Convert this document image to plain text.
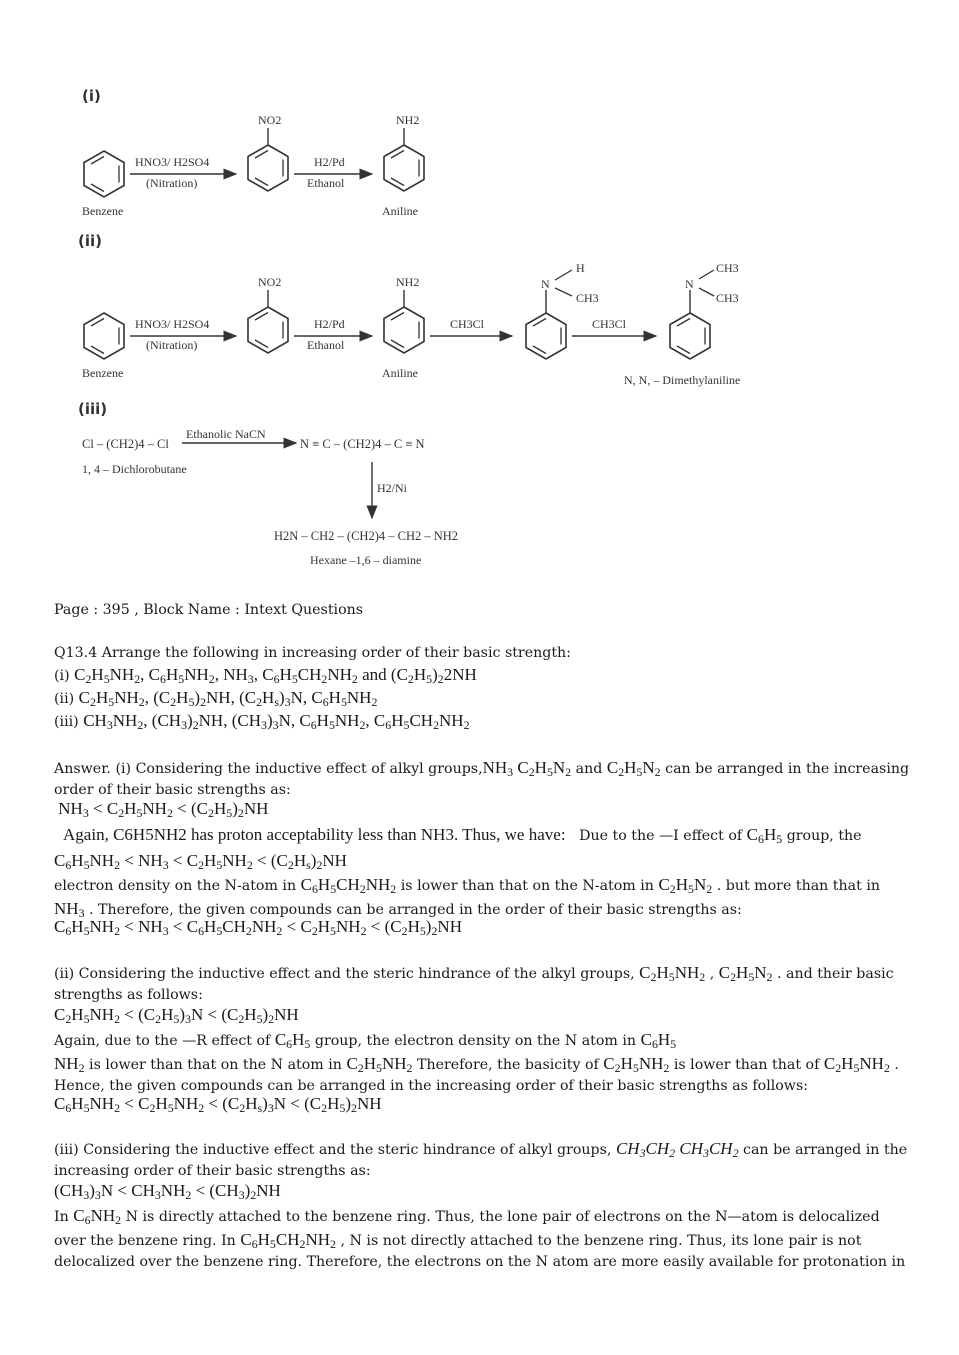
(i)
Benzene
HNO3/ H2SO4
(Nitration)
NO2
H2/Pd
Ethanol
NH2
Aniline
(ii)
Benzene
HNO3/ H2SO4
(Nitration)
NO2
H2/Pd
Ethanol
NH2
Aniline
CH3Cl
N
H
CH3
CH3Cl
N
CH3
CH3
N, N, – Dimethylaniline
(iii)
Cl – (CH2)4 – Cl
1, 4 – Dichlorobutane
Ethanolic NaCN
N ≡ C – (CH2)4 – C ≡ N
H2/Ni
H2N – CH2 – (CH2)4 – CH2 – NH2
Hexane –1,6 – diamine

Page : 395 , Block Name : Intext Questions

Q13.4 Arrange the following in increasing order of their basic strength:

(i) $C_2H_5NH_2$, $C_6H_5NH_2$, $NH_3$, $C_6H_5CH_2NH_2$ and $(C_2H_5)_22NH$

(ii) $C_2H_5NH_2$, $(C_2H_5)_2NH$, $(C_2H_s)_3N$, $C_6H_5NH_2$

(iii) $CH_3NH_2$, $(CH_3)_2NH$, $(CH_3)_3N$, $C_6H_5NH_2$, $C_6H_5CH_2NH_2$

Answer. (i) Considering the inductive effect of alkyl $groups,NH_3$ $C_2H_5N_2$ and $C_2H_5N_2$ can be arranged in the increasing order of their basic strengths as:

$NH_3 < C_2H_5NH_2 < (C_2H_5)_2NH$

Again, C6H5NH2 has proton acceptability less than NH3. Thus, we have: Due to the —I effect of $C_6H_5$ group, the

$C_6H_5NH_2 < NH_3 < C_2H_5NH_2 < (C_2H_s)_2NH$

electron density on the N-atom in $C_6H_5CH_2NH_2$ is lower than that on the N-atom in $C_2H_5N_2$ . but more than that in $NH_3$ . Therefore, the given compounds can be arranged in the order of their basic strengths as:

$C_6H_5NH_2 < NH_3 < C_6H_5CH_2NH_2 < C_2H_5NH_2 < (C_2H_5)_2NH$

(ii) Considering the inductive effect and the steric hindrance of the alkyl groups, $C_2H_5NH_2$ , $C_2H_5N_2$ . and their basic strengths as follows:

$C_2H_5NH_2 < (C_2H_5)_3N < (C_2H_5)_2NH$

Again, due to the —R effect of $C_6H_5$ group, the electron density on the N atom in $C_6H_5$
$NH_2$ is lower than that on the N atom in $C_2H_5NH_2$ Therefore, the basicity of $C_2H_5NH_2$ is lower than that of $C_2H_5NH_2$ .
Hence, the given compounds can be arranged in the increasing order of their basic strengths as follows:

$C_6H_5NH_2 < C_2H_5NH_2 < (C_2H_s)_3N < (C_2H_5)_2NH$

(iii) Considering the inductive effect and the steric hindrance of alkyl groups, $CH_3CH_2$ $CH_3CH_2$ can be arranged in the increasing order of their basic strengths as:

$(CH_3)_3N < CH_3NH_2 < (CH_3)_2NH$

In $C_6NH_2$ N is directly attached to the benzene ring. Thus, the lone pair of electrons on the N—atom is delocalized over the benzene ring. In $C_6H_5CH_2NH_2$ , N is not directly attached to the benzene ring. Thus, its lone pair is not delocalized over the benzene ring. Therefore, the electrons on the N atom are more easily available for protonation in
